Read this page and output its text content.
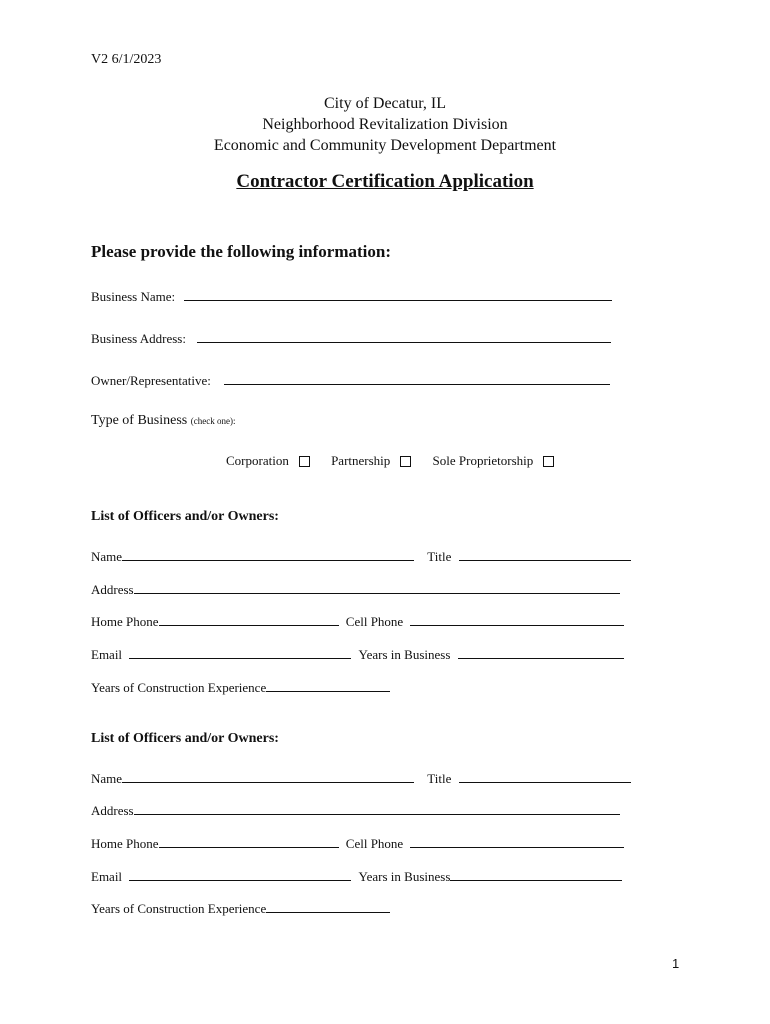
V2 6/1/2023
City of Decatur, IL
Neighborhood Revitalization Division
Economic and Community Development Department
Contractor Certification Application
Please provide the following information:
Business Name:
Business Address:
Owner/Representative:
Type of Business (check one):
Corporation
	Partnership
	Sole Proprietorship
List of Officers and/or Owners:
Name	Title
Address
Home Phone	Cell Phone
Email	Years in Business
Years of Construction Experience
List of Officers and/or Owners:
Name	Title
Address
Home Phone	Cell Phone
Email	Years in Business
Years of Construction Experience
1
